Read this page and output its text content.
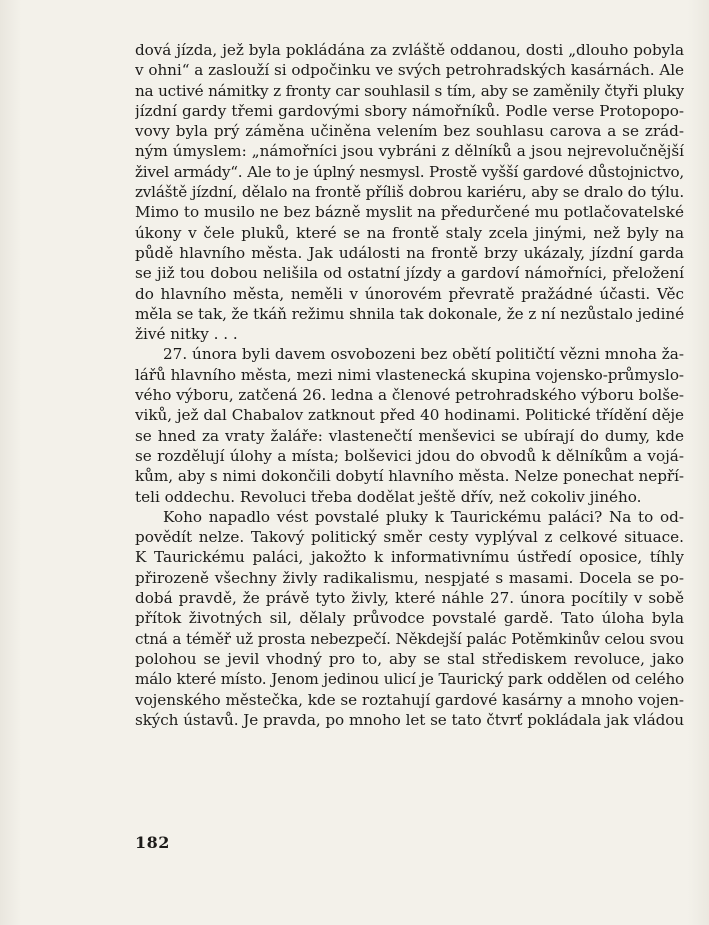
dová jízda, jež byla pokládána za zvláště oddanou, dosti „dlouho pobyla
v ohni“ a zaslouží si odpočinku ve svých petrohradských kasárnách. Ale
na uctivé námitky z fronty car souhlasil s tím, aby se zaměnily čtyři pluky
jízdní gardy třemi gardovými sbory námořníků. Podle verse Protopopo-
vovy byla prý záměna učiněna velením bez souhlasu carova a se zrád-
ným úmyslem: „námořníci jsou vybráni z dělníků a jsou nejrevolučnější
živel armády“. Ale to je úplný nesmysl. Prostě vyšší gardové důstojnictvo,
zvláště jízdní, dělalo na frontě příliš dobrou kariéru, aby se dralo do týlu.
Mimo to musilo ne bez bázně myslit na předurčené mu potlačovatelské
úkony v čele pluků, které se na frontě staly zcela jinými, než byly na
půdě hlavního města. Jak události na frontě brzy ukázaly, jízdní garda
se již tou dobou nelišila od ostatní jízdy a gardoví námořníci, přeložení
do hlavního města, neměli v únorovém převratě pražádné účasti. Věc
měla se tak, že tkáň režimu shnila tak dokonale, že z ní nezůstalo jediné
živé nitky . . .

27. února byli davem osvobozeni bez obětí političtí vězni mnoha ža-
lářů hlavního města, mezi nimi vlastenecká skupina vojensko-průmyslo-
vého výboru, zatčená 26. ledna a členové petrohradského výboru bolše-
viků, jež dal Chabalov zatknout před 40 hodinami. Politické třídění děje
se hned za vraty žaláře: vlastenečtí menševici se ubírají do dumy, kde
se rozdělují úlohy a místa; bolševici jdou do obvodů k dělníkům a vojá-
kům, aby s nimi dokončili dobytí hlavního města. Nelze ponechat nepří-
teli oddechu. Revoluci třeba dodělat ještě dřív, než cokoliv jiného.

Koho napadlo vést povstalé pluky k Taurickému paláci? Na to od-
povědít nelze. Takový politický směr cesty vyplýval z celkové situace.
K Taurickému paláci, jakožto k informativnímu ústředí oposice, tíhly
přirozeně všechny živly radikalismu, nespjaté s masami. Docela se po-
dobá pravdě, že právě tyto živly, které náhle 27. února pocítily v sobě
přítok životných sil, dělaly průvodce povstalé gardě. Tato úloha byla
ctná a téměř už prosta nebezpečí. Někdejší palác Potěmkinův celou svou
polohou se jevil vhodný pro to, aby se stal střediskem revoluce, jako
málo které místo. Jenom jedinou ulicí je Taurický park oddělen od celého
vojenského městečka, kde se roztahují gardové kasárny a mnoho vojen-
ských ústavů. Je pravda, po mnoho let se tato čtvrť pokládala jak vládou

182
